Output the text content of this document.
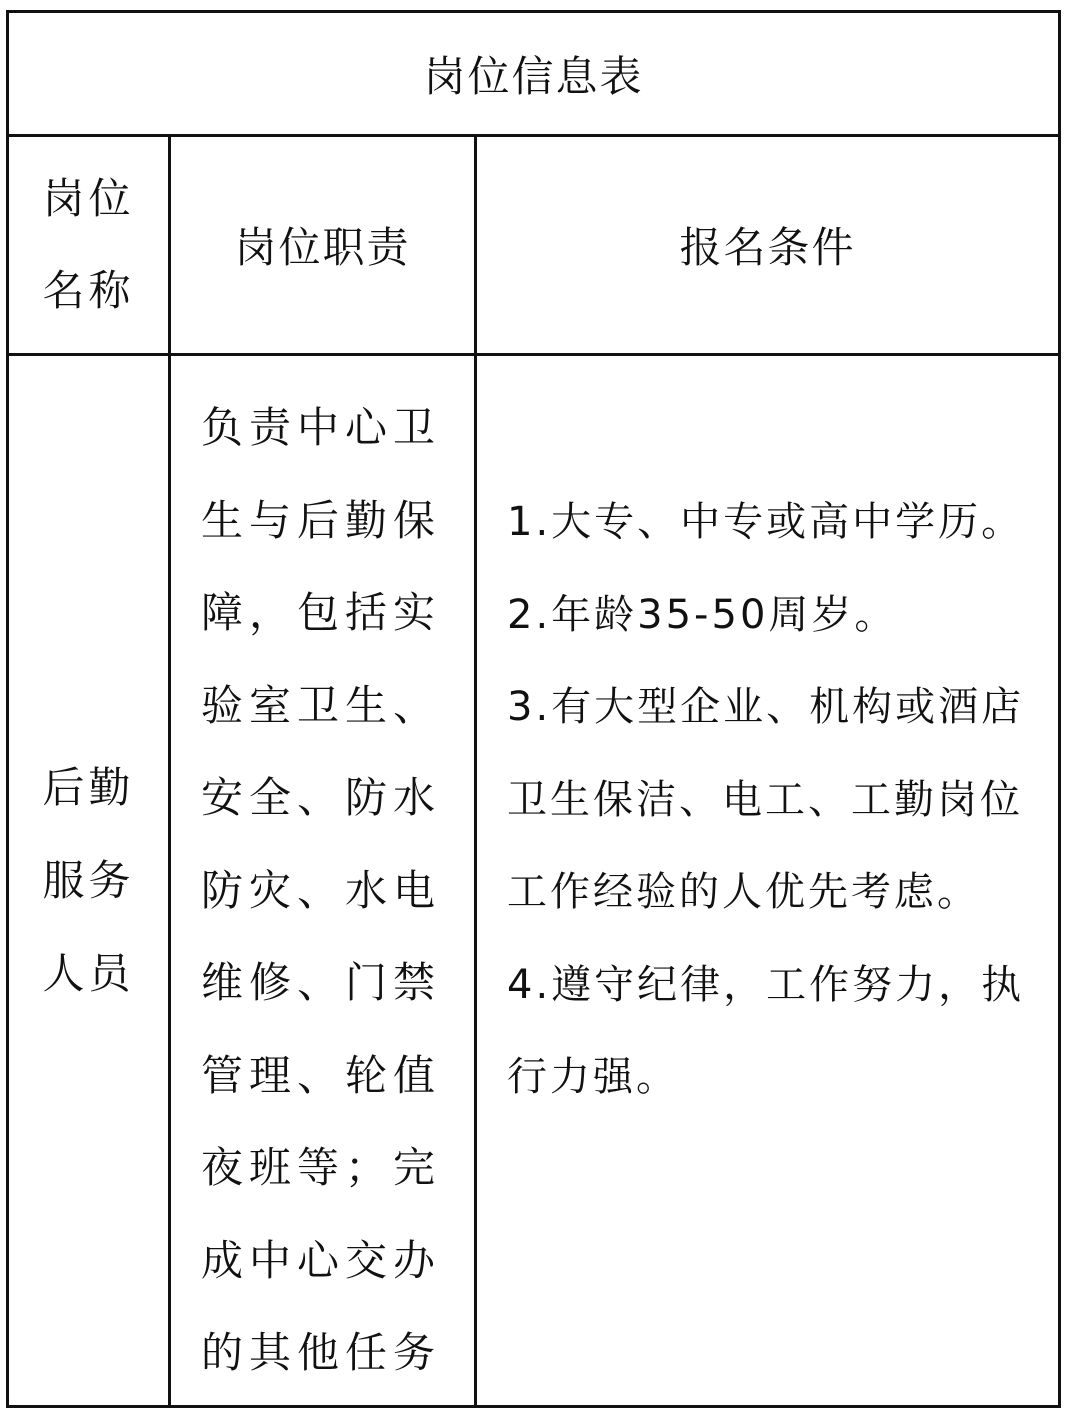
岗位信息表
岗位名称
岗位职责	报名条件
后勤服务人员
负责中心卫生与后勤保障，包括实验室卫生、安全、防水防灾、水电维修、门禁管理、轮值夜班等；完成中心交办的其他任务
1.大专、中专或高中学历。
2.年龄35-50周岁。
3.有大型企业、机构或酒店卫生保洁、电工、工勤岗位工作经验的人优先考虑。
4.遵守纪律，工作努力，执行力强。
